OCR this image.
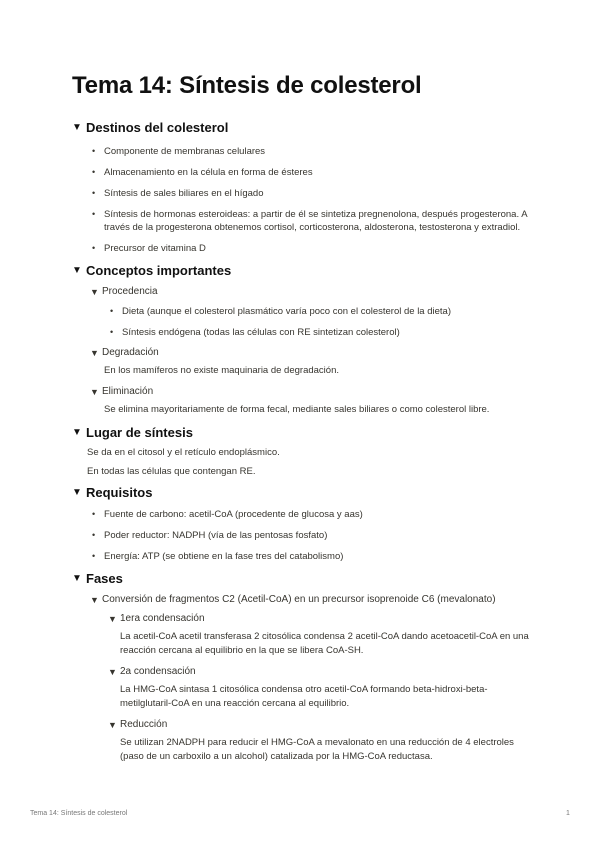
Tema 14: Síntesis de colesterol
▼ Destinos del colesterol
• Componente de membranas celulares
• Almacenamiento en la célula en forma de ésteres
• Síntesis de sales biliares en el hígado
• Síntesis de hormonas esteroideas: a partir de él se sintetiza pregnenolona, después progesterona. A través de la progesterona obtenemos cortisol, corticosterona, aldosterona, testosterona y extradiol.
• Precursor de vitamina D
▼ Conceptos importantes
▼ Procedencia
• Dieta (aunque el colesterol plasmático varía poco con el colesterol de la dieta)
• Síntesis endógena (todas las células con RE sintetizan colesterol)
▼ Degradación
En los mamíferos no existe maquinaria de degradación.
▼ Eliminación
Se elimina mayoritariamente de forma fecal, mediante sales biliares o como colesterol libre.
▼ Lugar de síntesis
Se da en el citosol y el retículo endoplásmico.
En todas las células que contengan RE.
▼ Requisitos
• Fuente de carbono: acetil-CoA (procedente de glucosa y aas)
• Poder reductor: NADPH (vía de las pentosas fosfato)
• Energía: ATP (se obtiene en la fase tres del catabolismo)
▼ Fases
▼ Conversión de fragmentos C2 (Acetil-CoA) en un precursor isoprenoide C6 (mevalonato)
▼ 1era condensación
La acetil-CoA acetil transferasa 2 citosólica condensa 2 acetil-CoA dando acetoacetil-CoA en una reacción cercana al equilibrio en la que se libera CoA-SH.
▼ 2a condensación
La HMG-CoA sintasa 1 citosólica condensa otro acetil-CoA formando beta-hidroxi-beta-metilglutaril-CoA en una reacción cercana al equilibrio.
▼ Reducción
Se utilizan 2NADPH para reducir el HMG-CoA a mevalonato en una reducción de 4 electroles (paso de un carboxilo a un alcohol) catalizada por la HMG-CoA reductasa.
Tema 14: Síntesis de colesterol	1
